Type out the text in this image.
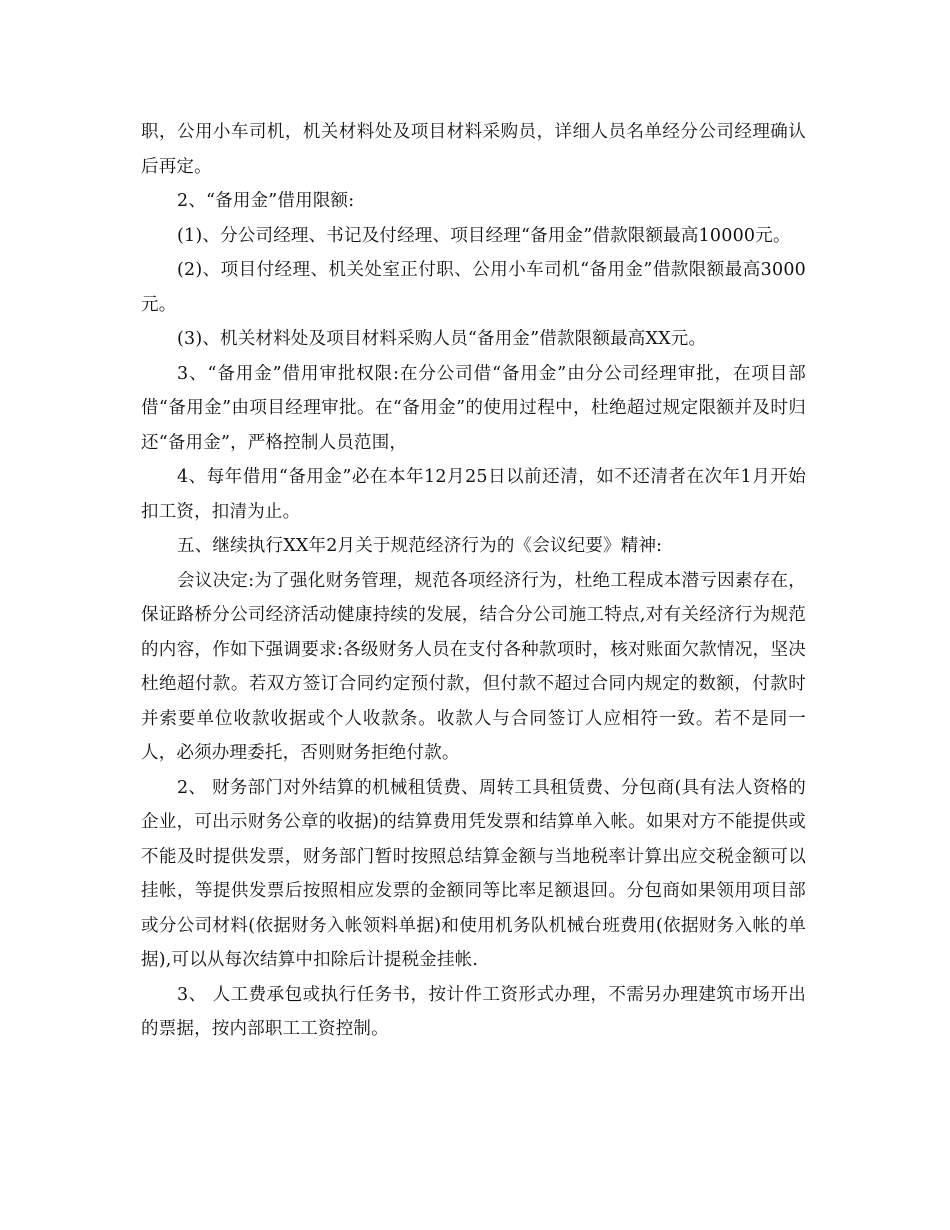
职，公用小车司机，机关材料处及项目材料采购员，详细人员名单经分公司经理确认后再定。

2、“备用金”借用限额:

(1)、分公司经理、书记及付经理、项目经理“备用金”借款限额最高10000元。

(2)、项目付经理、机关处室正付职、公用小车司机“备用金”借款限额最高3000元。

(3)、机关材料处及项目材料采购人员“备用金”借款限额最高XX元。

3、“备用金”借用审批权限:在分公司借“备用金”由分公司经理审批，在项目部借“备用金”由项目经理审批。在“备用金”的使用过程中，杜绝超过规定限额并及时归还“备用金”，严格控制人员范围，

4、每年借用“备用金”必在本年12月25日以前还清，如不还清者在次年1月开始扣工资，扣清为止。

五、继续执行XX年2月关于规范经济行为的《会议纪要》精神:

会议决定:为了强化财务管理，规范各项经济行为，杜绝工程成本潜亏因素存在，保证路桥分公司经济活动健康持续的发展，结合分公司施工特点,对有关经济行为规范的内容，作如下强调要求:各级财务人员在支付各种款项时，核对账面欠款情况，坚决杜绝超付款。若双方签订合同约定预付款，但付款不超过合同内规定的数额，付款时并索要单位收款收据或个人收款条。收款人与合同签订人应相符一致。若不是同一人，必须办理委托，否则财务拒绝付款。

2、 财务部门对外结算的机械租赁费、周转工具租赁费、分包商(具有法人资格的企业，可出示财务公章的收据)的结算费用凭发票和结算单入帐。如果对方不能提供或不能及时提供发票，财务部门暂时按照总结算金额与当地税率计算出应交税金额可以挂帐，等提供发票后按照相应发票的金额同等比率足额退回。分包商如果领用项目部或分公司材料(依据财务入帐领料单据)和使用机务队机械台班费用(依据财务入帐的单据),可以从每次结算中扣除后计提税金挂帐.

3、 人工费承包或执行任务书，按计件工资形式办理，不需另办理建筑市场开出的票据，按内部职工工资控制。
